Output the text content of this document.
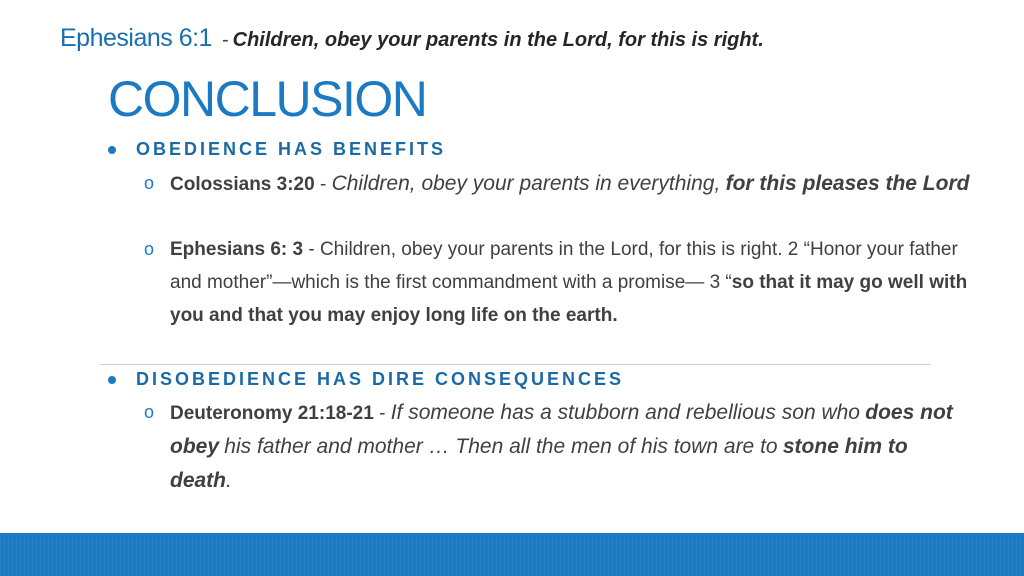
Ephesians 6:1 - Children, obey your parents in the Lord, for this is right.
CONCLUSION
OBEDIENCE HAS BENEFITS
o Colossians 3:20 - Children, obey your parents in everything, for this pleases the Lord
o Ephesians 6: 3 - Children, obey your parents in the Lord, for this is right. 2 “Honor your father and mother”—which is the first commandment with a promise— 3 “so that it may go well with you and that you may enjoy long life on the earth.
DISOBEDIENCE HAS DIRE CONSEQUENCES
o Deuteronomy 21:18-21 - If someone has a stubborn and rebellious son who does not obey his father and mother … Then all the men of his town are to stone him to death.
